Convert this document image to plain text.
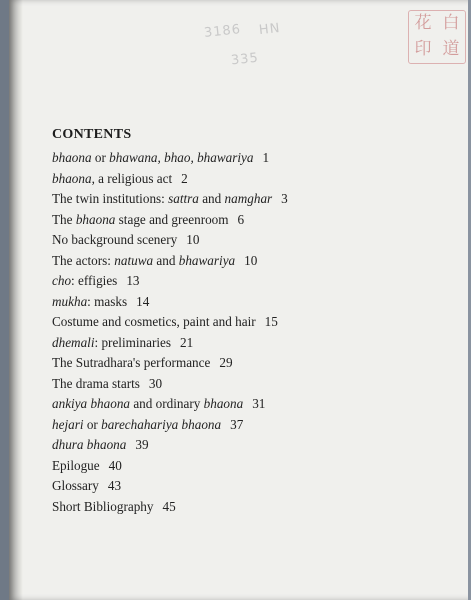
3186 HN
335
花 白
印 道
CONTENTS
bhaona or bhawana, bhao, bhawariya 1
bhaona, a religious act 2
The twin institutions: sattra and namghar 3
The bhaona stage and greenroom 6
No background scenery 10
The actors: natuwa and bhawariya 10
cho: effigies 13
mukha: masks 14
Costume and cosmetics, paint and hair 15
dhemali: preliminaries 21
The Sutradhara's performance 29
The drama starts 30
ankiya bhaona and ordinary bhaona 31
hejari or barechahariya bhaona 37
dhura bhaona 39
Epilogue 40
Glossary 43
Short Bibliography 45
